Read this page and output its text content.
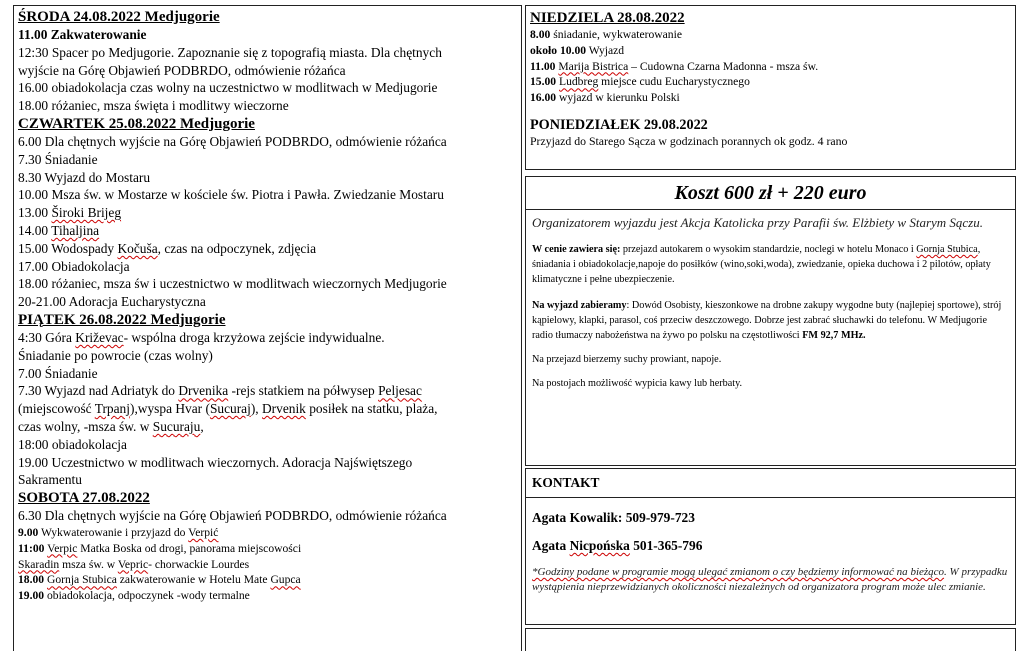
ŚRODA 24.08.2022 Medjugorie
11.00 Zakwaterowanie
12:30 Spacer po Medjugorie. Zapoznanie się z topografią miasta. Dla chętnych
wyjście na Górę Objawień PODBRDO, odmówienie różańca
16.00 obiadokolacja czas wolny na uczestnictwo w modlitwach w Medjugorie
18.00 różaniec, msza święta i modlitwy wieczorne
CZWARTEK 25.08.2022 Medjugorie
6.00 Dla chętnych wyjście na Górę Objawień PODBRDO, odmówienie różańca
7.30 Śniadanie
8.30 Wyjazd do Mostaru
10.00 Msza św. w Mostarze w kościele św. Piotra i Pawła. Zwiedzanie Mostaru
13.00 Široki Brijeg
14.00 Tihaljina
15.00 Wodospady Kočuša, czas na odpoczynek, zdjęcia
17.00 Obiadokolacja
18.00 różaniec, msza św i uczestnictwo w modlitwach wieczornych Medjugorie
20-21.00 Adoracja Eucharystyczna
PIĄTEK 26.08.2022 Medjugorie
4:30 Góra Križevac- wspólna droga krzyżowa zejście indywidualne.
Śniadanie po powrocie (czas wolny)
7.00 Śniadanie
7.30 Wyjazd nad Adriatyk do Drvenika -rejs statkiem na półwysep Peljesac
(miejscowość Trpanj),wyspa Hvar (Sucuraj), Drvenik posiłek na statku, plaża,
czas wolny, -msza św. w Sucuraju,
18:00 obiadokolacja
19.00 Uczestnictwo w modlitwach wieczornych. Adoracja Najświętszego
Sakramentu
SOBOTA 27.08.2022
6.30 Dla chętnych wyjście na Górę Objawień PODBRDO, odmówienie różańca
9.00 Wykwaterowanie i przyjazd do Verpić
11:00 Verpic Matka Boska od drogi, panorama miejscowości
Skaradin msza św. w Vepric- chorwackie Lourdes
18.00 Gornja Stubica zakwaterowanie w Hotelu Mate Gupca
19.00 obiadokolacja, odpoczynek -wody termalne
NIEDZIELA 28.08.2022
8.00 śniadanie, wykwaterowanie
około 10.00 Wyjazd
11.00 Marija Bistrica – Cudowna Czarna Madonna - msza św.
15.00 Ludbreg miejsce cudu Eucharystycznego
16.00 wyjazd w kierunku Polski
PONIEDZIAŁEK 29.08.2022
Przyjazd do Starego Sącza w godzinach porannych ok godz. 4 rano
Koszt 600 zł + 220 euro
Organizatorem wyjazdu jest Akcja Katolicka przy Parafii św. Elżbiety w Starym Sączu.
W cenie zawiera się: przejazd autokarem o wysokim standardzie, noclegi w hotelu Monaco i Gornja Stubica, śniadania i obiadokolacje,napoje do posiłków (wino,soki,woda), zwiedzanie, opieka duchowa i 2 pilotów, opłaty klimatyczne i pełne ubezpieczenie.
Na wyjazd zabieramy: Dowód Osobisty, kieszonkowe na drobne zakupy wygodne buty (najlepiej sportowe), strój kąpielowy, klapki, parasol, coś przeciw deszczowego. Dobrze jest zabrać słuchawki do telefonu. W Medjugorie radio tłumaczy nabożeństwa na żywo po polsku na częstotliwości FM 92,7 MHz.
Na przejazd bierzemy suchy prowiant, napoje.
Na postojach możliwość wypicia kawy lub herbaty.
KONTAKT
Agata Kowalik: 509-979-723
Agata Nicpońska 501-365-796
*Godziny podane w programie mogą ulegać zmianom o czy będziemy informować na bieżąco. W przypadku wystąpienia nieprzewidzianych okoliczności niezależnych od organizatora program może ulec zmianie.
